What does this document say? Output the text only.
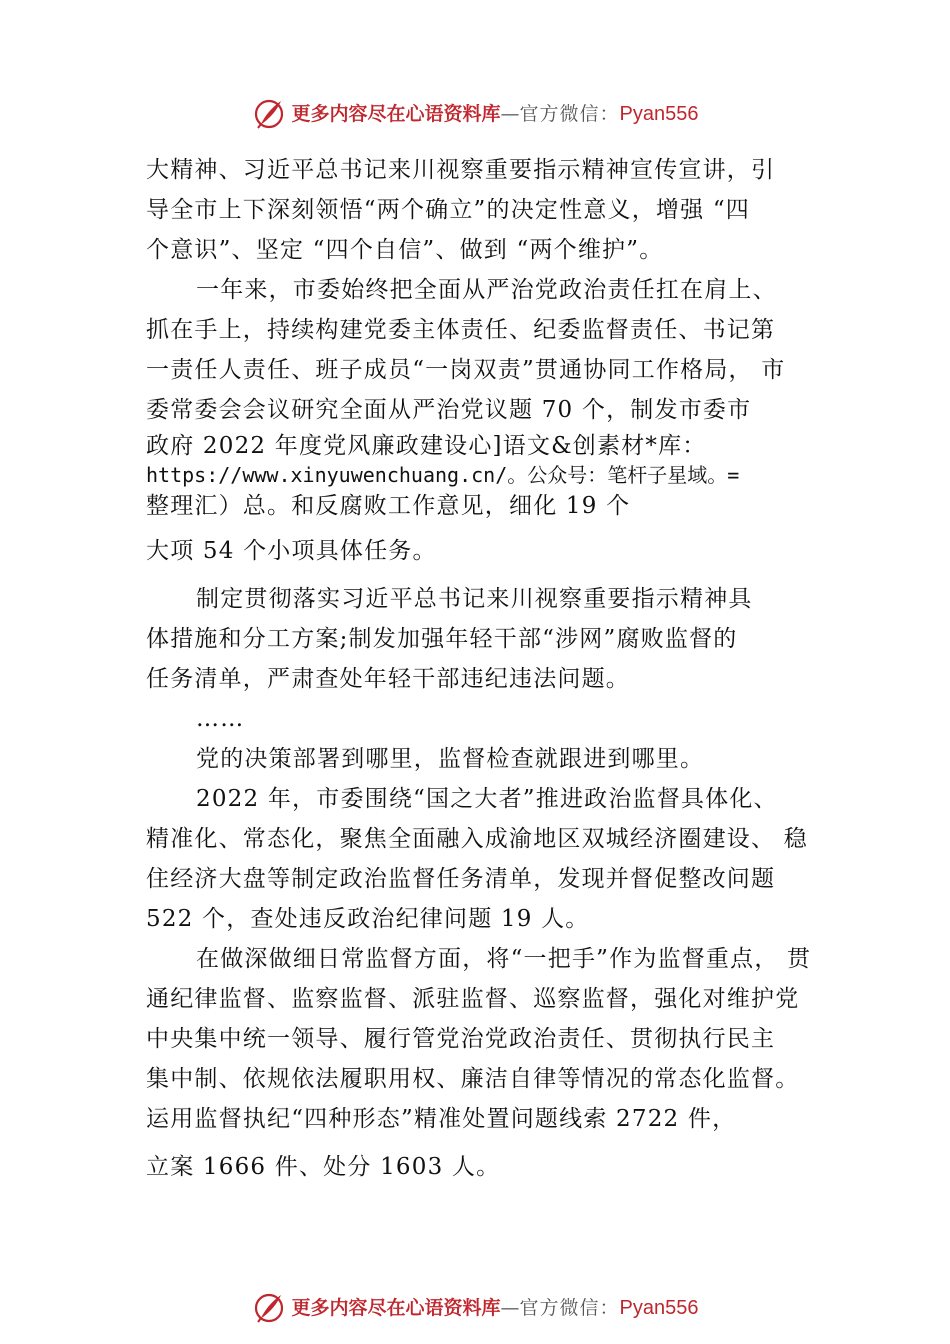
更多内容尽在心语资料库—官方微信：Pyan556

大精神、习近平总书记来川视察重要指示精神宣传宣讲，引

导全市上下深刻领悟“两个确立”的决定性意义，增强 “四

个意识”、坚定 “四个自信”、做到 “两个维护”。

一年来，市委始终把全面从严治党政治责任扛在肩上、

抓在手上，持续构建党委主体责任、纪委监督责任、书记第

一责任人责任、班子成员“一岗双责”贯通协同工作格局， 市

委常委会会议研究全面从严治党议题 70 个，制发市委市

政府 2022 年度党风廉政建设心]语文&创素材*库：

https://www.xinyuwenchuang.cn/。公众号：笔杆子星域。=

整理汇）总。和反腐败工作意见，细化 19 个

大项 54 个小项具体任务。

制定贯彻落实习近平总书记来川视察重要指示精神具

体措施和分工方案;制发加强年轻干部“涉网”腐败监督的

任务清单，严肃查处年轻干部违纪违法问题。

……

党的决策部署到哪里，监督检查就跟进到哪里。

2022 年，市委围绕“国之大者”推进政治监督具体化、

精准化、常态化，聚焦全面融入成渝地区双城经济圈建设、 稳

住经济大盘等制定政治监督任务清单，发现并督促整改问题

522 个，查处违反政治纪律问题 19 人。

在做深做细日常监督方面，将“一把手”作为监督重点， 贯

通纪律监督、监察监督、派驻监督、巡察监督，强化对维护党

中央集中统一领导、履行管党治党政治责任、贯彻执行民主

集中制、依规依法履职用权、廉洁自律等情况的常态化监督。

运用监督执纪“四种形态”精准处置问题线索 2722 件，

立案 1666 件、处分 1603 人。

更多内容尽在心语资料库—官方微信：Pyan556
